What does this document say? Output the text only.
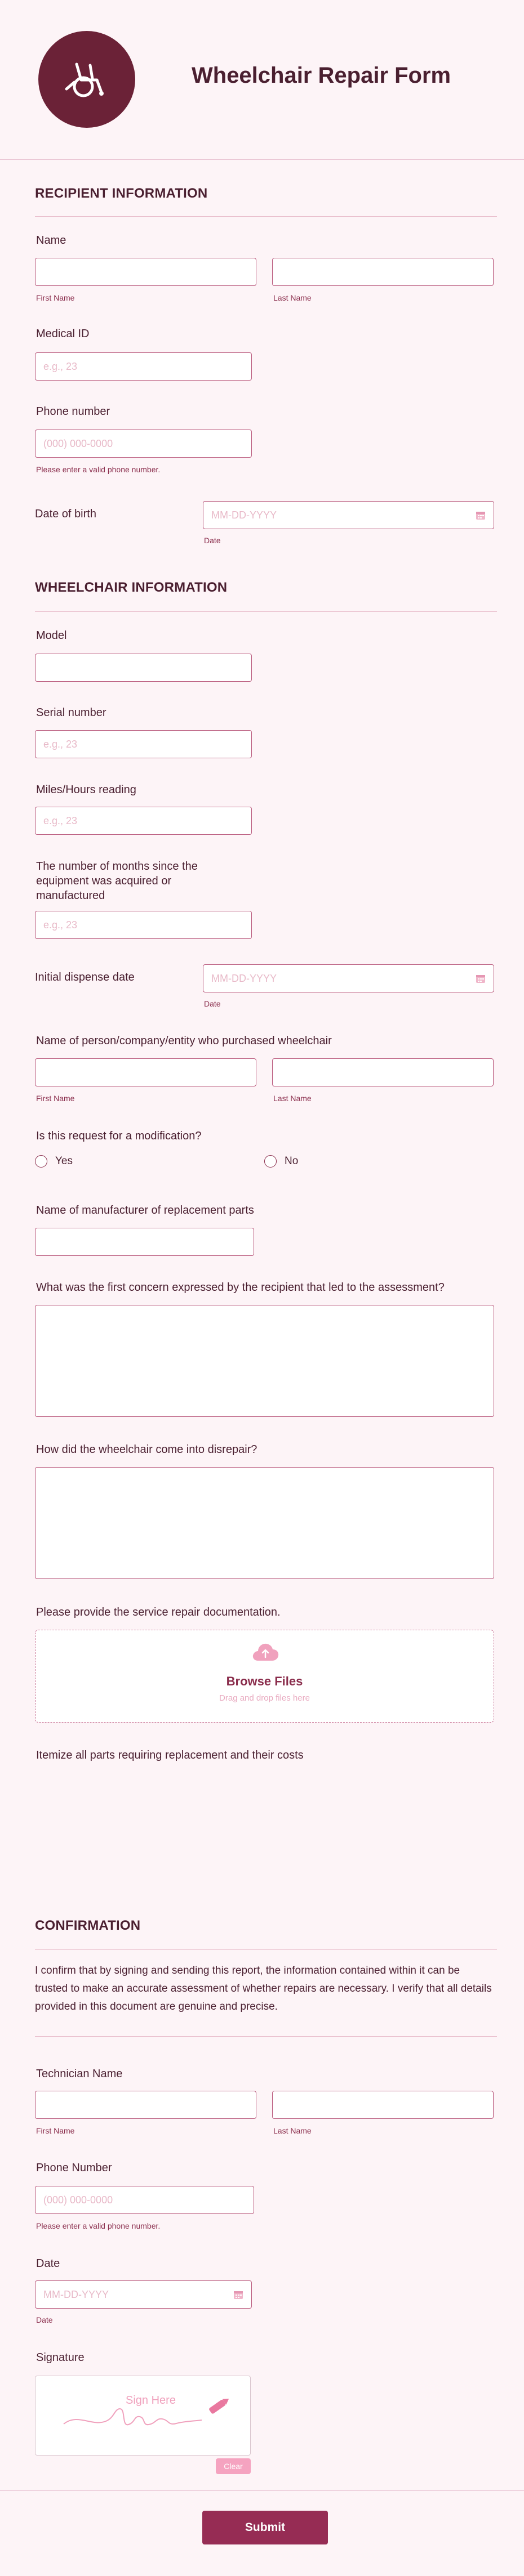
Wheelchair Repair Form
RECIPIENT INFORMATION
Name
First Name	Last Name
Medical ID
e.g., 23
Phone number
(000) 000-0000
Please enter a valid phone number.
Date of birth	MM-DD-YYYY
Date
WHEELCHAIR INFORMATION
Model
Serial number
e.g., 23
Miles/Hours reading
e.g., 23
The number of months since the equipment was acquired or manufactured
e.g., 23
Initial dispense date	MM-DD-YYYY
Date
Name of person/company/entity who purchased wheelchair
First Name	Last Name
Is this request for a modification?
Yes	No
Name of manufacturer of replacement parts
What was the first concern expressed by the recipient that led to the assessment?
How did the wheelchair come into disrepair?
Please provide the service repair documentation.
Browse Files
Drag and drop files here
Itemize all parts requiring replacement and their costs
CONFIRMATION
I confirm that by signing and sending this report, the information contained within it can be trusted to make an accurate assessment of whether repairs are necessary. I verify that all details provided in this document are genuine and precise.
Technician Name
First Name	Last Name
Phone Number
(000) 000-0000
Please enter a valid phone number.
Date
MM-DD-YYYY
Date
Signature
Sign Here
Clear
Submit
